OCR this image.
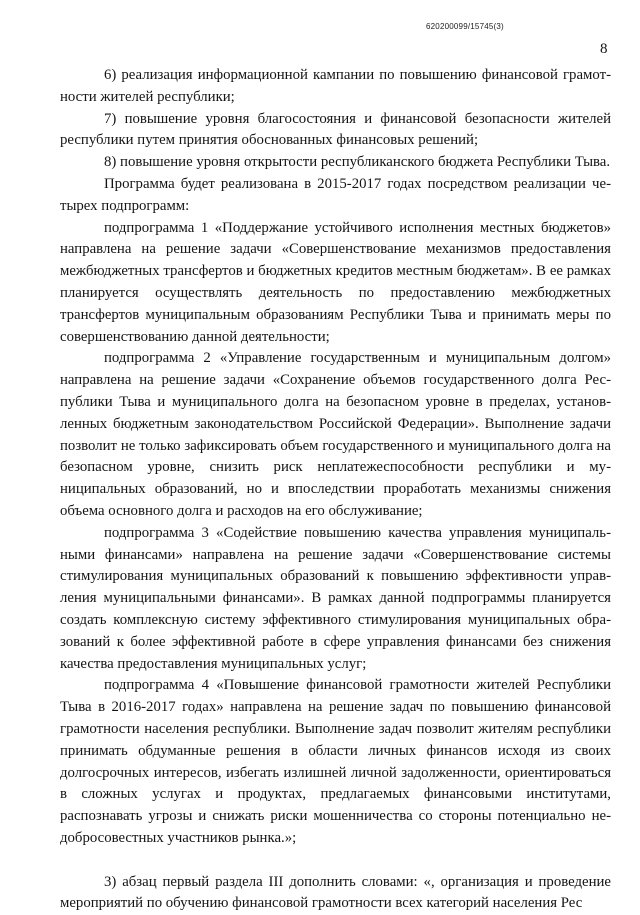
620200099/15745(3)
8

6) реализация информационной кампании по повышению финансовой грамотности жителей республики;

7) повышение уровня благосостояния и финансовой безопасности жителей республики путем принятия обоснованных финансовых решений;

8) повышение уровня открытости республиканского бюджета Республики Тыва.

Программа будет реализована в 2015-2017 годах посредством реализации четырех подпрограмм:

подпрограмма 1 «Поддержание устойчивого исполнения местных бюджетов» направлена на решение задачи «Совершенствование механизмов предоставления межбюджетных трансфертов и бюджетных кредитов местным бюджетам». В ее рамках планируется осуществлять деятельность по предоставлению межбюджетных трансфертов муниципальным образованиям Республики Тыва и принимать меры по совершенствованию данной деятельности;

подпрограмма 2 «Управление государственным и муниципальным долгом» направлена на решение задачи «Сохранение объемов государственного долга Республики Тыва и муниципального долга на безопасном уровне в пределах, установленных бюджетным законодательством Российской Федерации». Выполнение задачи позволит не только зафиксировать объем государственного и муниципального долга на безопасном уровне, снизить риск неплатежеспособности республики и муниципальных образований, но и впоследствии проработать механизмы снижения объема основного долга и расходов на его обслуживание;

подпрограмма 3 «Содействие повышению качества управления муниципальными финансами» направлена на решение задачи «Совершенствование системы стимулирования муниципальных образований к повышению эффективности управления муниципальными финансами». В рамках данной подпрограммы планируется создать комплексную систему эффективного стимулирования муниципальных образований к более эффективной работе в сфере управления финансами без снижения качества предоставления муниципальных услуг;

подпрограмма 4 «Повышение финансовой грамотности жителей Республики Тыва в 2016-2017 годах» направлена на решение задач по повышению финансовой грамотности населения республики. Выполнение задач позволит жителям республики принимать обдуманные решения в области личных финансов исходя из своих долгосрочных интересов, избегать излишней личной задолженности, ориентироваться в сложных услугах и продуктах, предлагаемых финансовыми институтами, распознавать угрозы и снижать риски мошенничества со стороны потенциально недобросовестных участников рынка.»;

3) абзац первый раздела III дополнить словами: «, организация и проведение мероприятий по обучению финансовой грамотности всех категорий населения Рес
